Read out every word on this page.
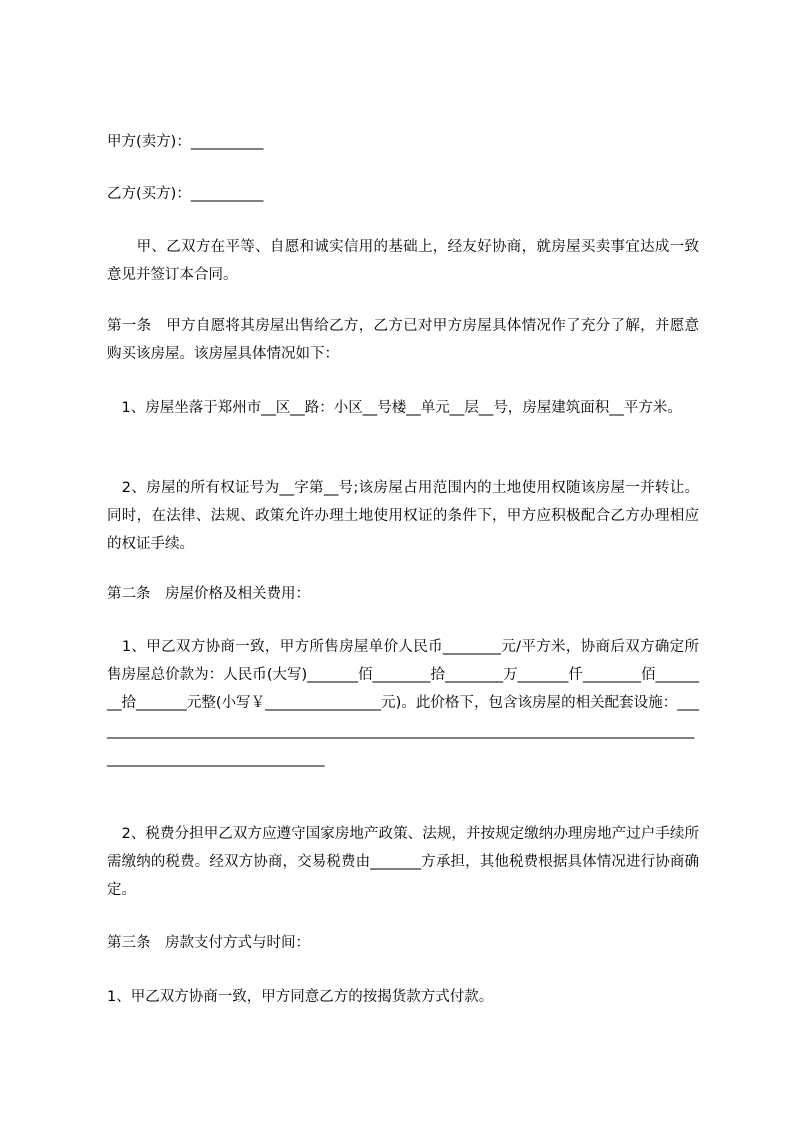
甲方(卖方)：__________

乙方(买方)：__________

　　甲、乙双方在平等、自愿和诚实信用的基础上，经友好协商，就房屋买卖事宜达成一致意见并签订本合同。

第一条　甲方自愿将其房屋出售给乙方，乙方已对甲方房屋具体情况作了充分了解，并愿意购买该房屋。该房屋具体情况如下：

　1、房屋坐落于郑州市__区__路：小区__号楼__单元__层__号，房屋建筑面积__平方米。

　2、房屋的所有权证号为__字第__号;该房屋占用范围内的土地使用权随该房屋一并转让。同时，在法律、法规、政策允许办理土地使用权证的条件下，甲方应积极配合乙方办理相应的权证手续。

第二条　房屋价格及相关费用：

　1、甲乙双方协商一致，甲方所售房屋单价人民币________元/平方米，协商后双方确定所售房屋总价款为：人民币(大写)_______佰________拾________万_______仟________佰________拾_______元整(小写￥________________元)。此价格下，包含该房屋的相关配套设施：__________________________________________________________________________________________________________________

　2、税费分担甲乙双方应遵守国家房地产政策、法规，并按规定缴纳办理房地产过户手续所需缴纳的税费。经双方协商，交易税费由_______方承担，其他税费根据具体情况进行协商确定。

第三条　房款支付方式与时间：

1、甲乙双方协商一致，甲方同意乙方的按揭货款方式付款。
